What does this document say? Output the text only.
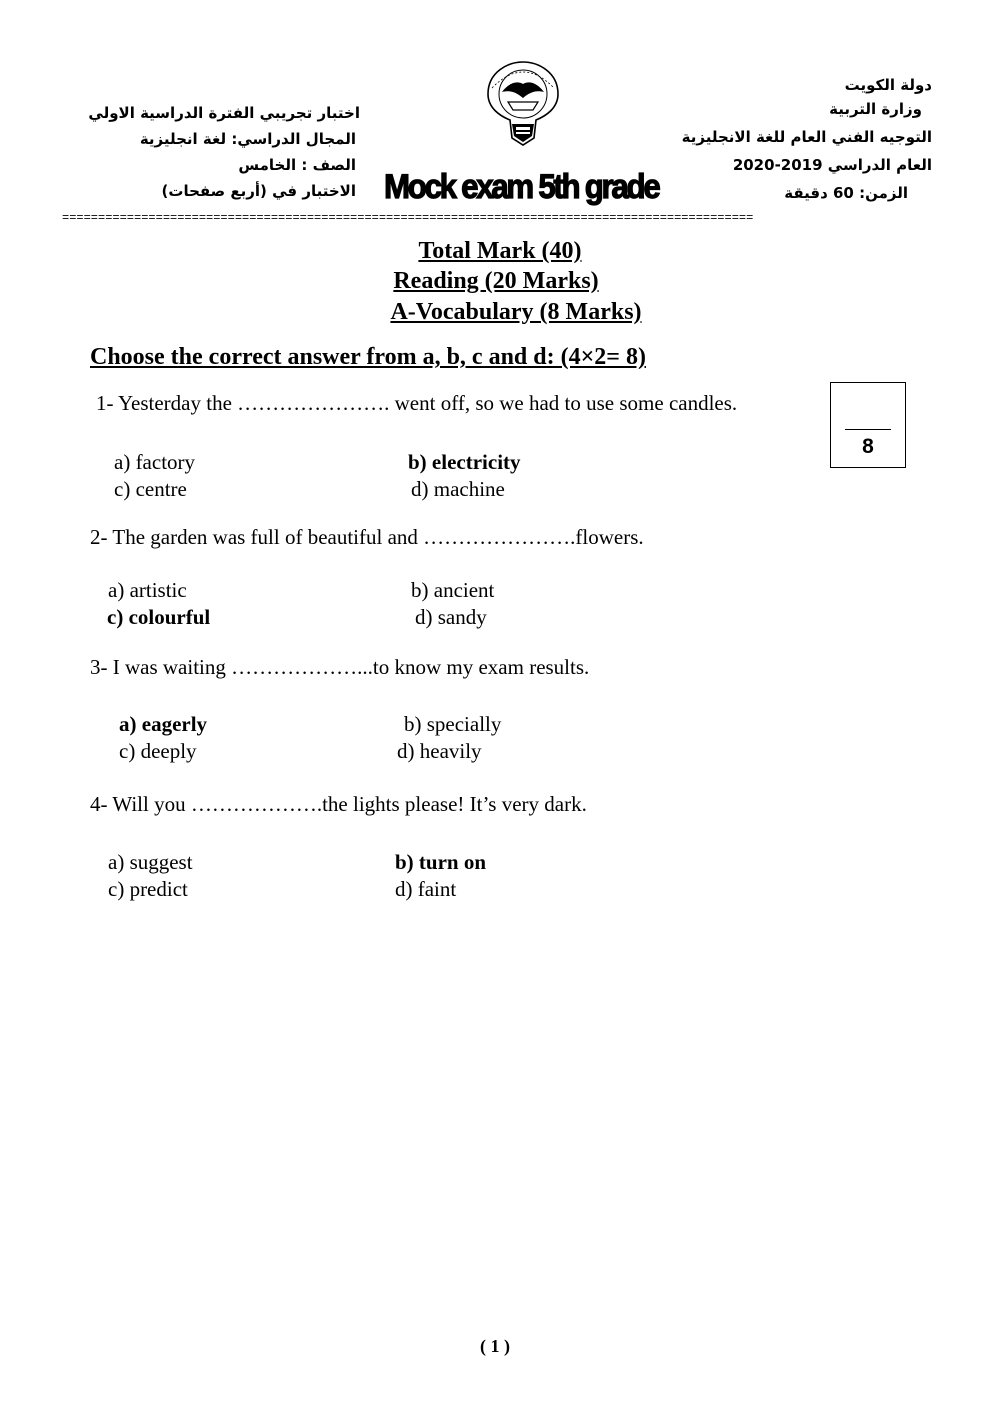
دولة الكويت
وزارة التربية
التوجيه الفني العام للغة الانجليزية
العام الدراسي 2019-2020
الزمن: 60 دقيقة
اختبار تجريبي الفترة الدراسية الاولي
المجال الدراسي: لغة انجليزية
الصف : الخامس
الاختبار في (أربع صفحات) Mock exam 5th grade
================================================================================================
Total Mark (40)
Reading (20 Marks)
A-Vocabulary (8 Marks)
Choose the correct answer from a, b, c and d: (4×2= 8)
8
1- Yesterday the …………………. went off, so we had to use some candles.
a) factory	b) electricity
c) centre	d) machine
2- The garden was full of beautiful and ………………….flowers.
a) artistic	b) ancient
c) colourful	d) sandy
3- I was waiting ………………...to know my exam results.
a) eagerly	b) specially
c) deeply	d) heavily
4- Will you ……………….the lights please! It’s very dark.
a) suggest	b) turn on
c) predict	d) faint
( 1 )
